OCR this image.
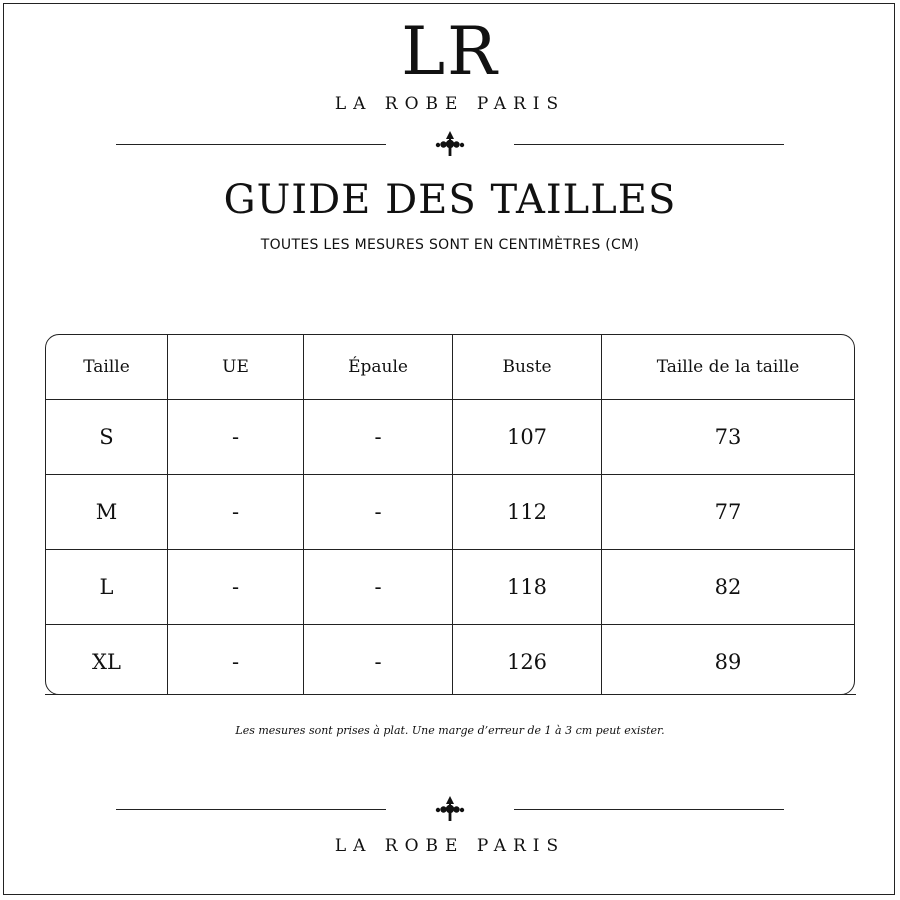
LR
LA ROBE PARIS
GUIDE DES TAILLES
TOUTES LES MESURES SONT EN CENTIMÈTRES (CM)
Taille	UE	Épaule	Buste	Taille de la taille
S	-	-	107	73
M	-	-	112	77
L	-	-	118	82
XL	-	-	126	89
Les mesures sont prises à plat. Une marge d’erreur de 1 à 3 cm peut exister.
LA ROBE PARIS
